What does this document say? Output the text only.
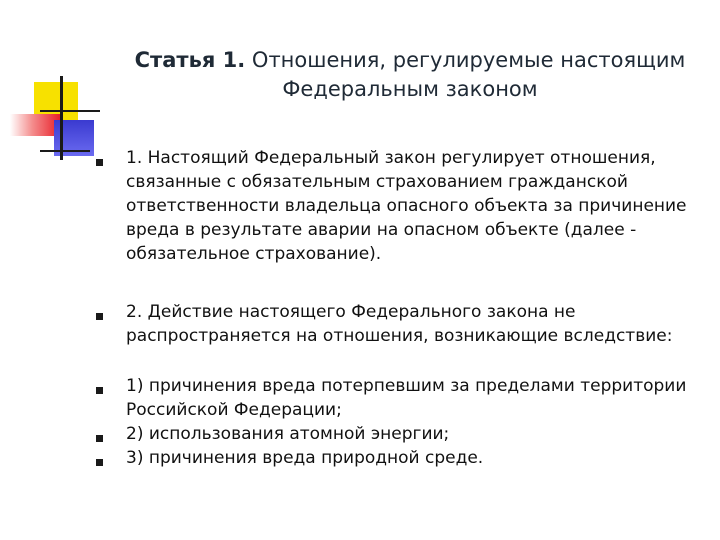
Статья 1. Отношения, регулируемые настоящим Федеральным законом
1. Настоящий Федеральный закон регулирует отношения, связанные с обязательным страхованием гражданской ответственности владельца опасного объекта за причинение вреда в результате аварии на опасном объекте (далее - обязательное страхование).
2. Действие настоящего Федерального закона не распространяется на отношения, возникающие вследствие:
1) причинения вреда потерпевшим за пределами территории Российской Федерации;
2) использования атомной энергии;
3) причинения вреда природной среде.
